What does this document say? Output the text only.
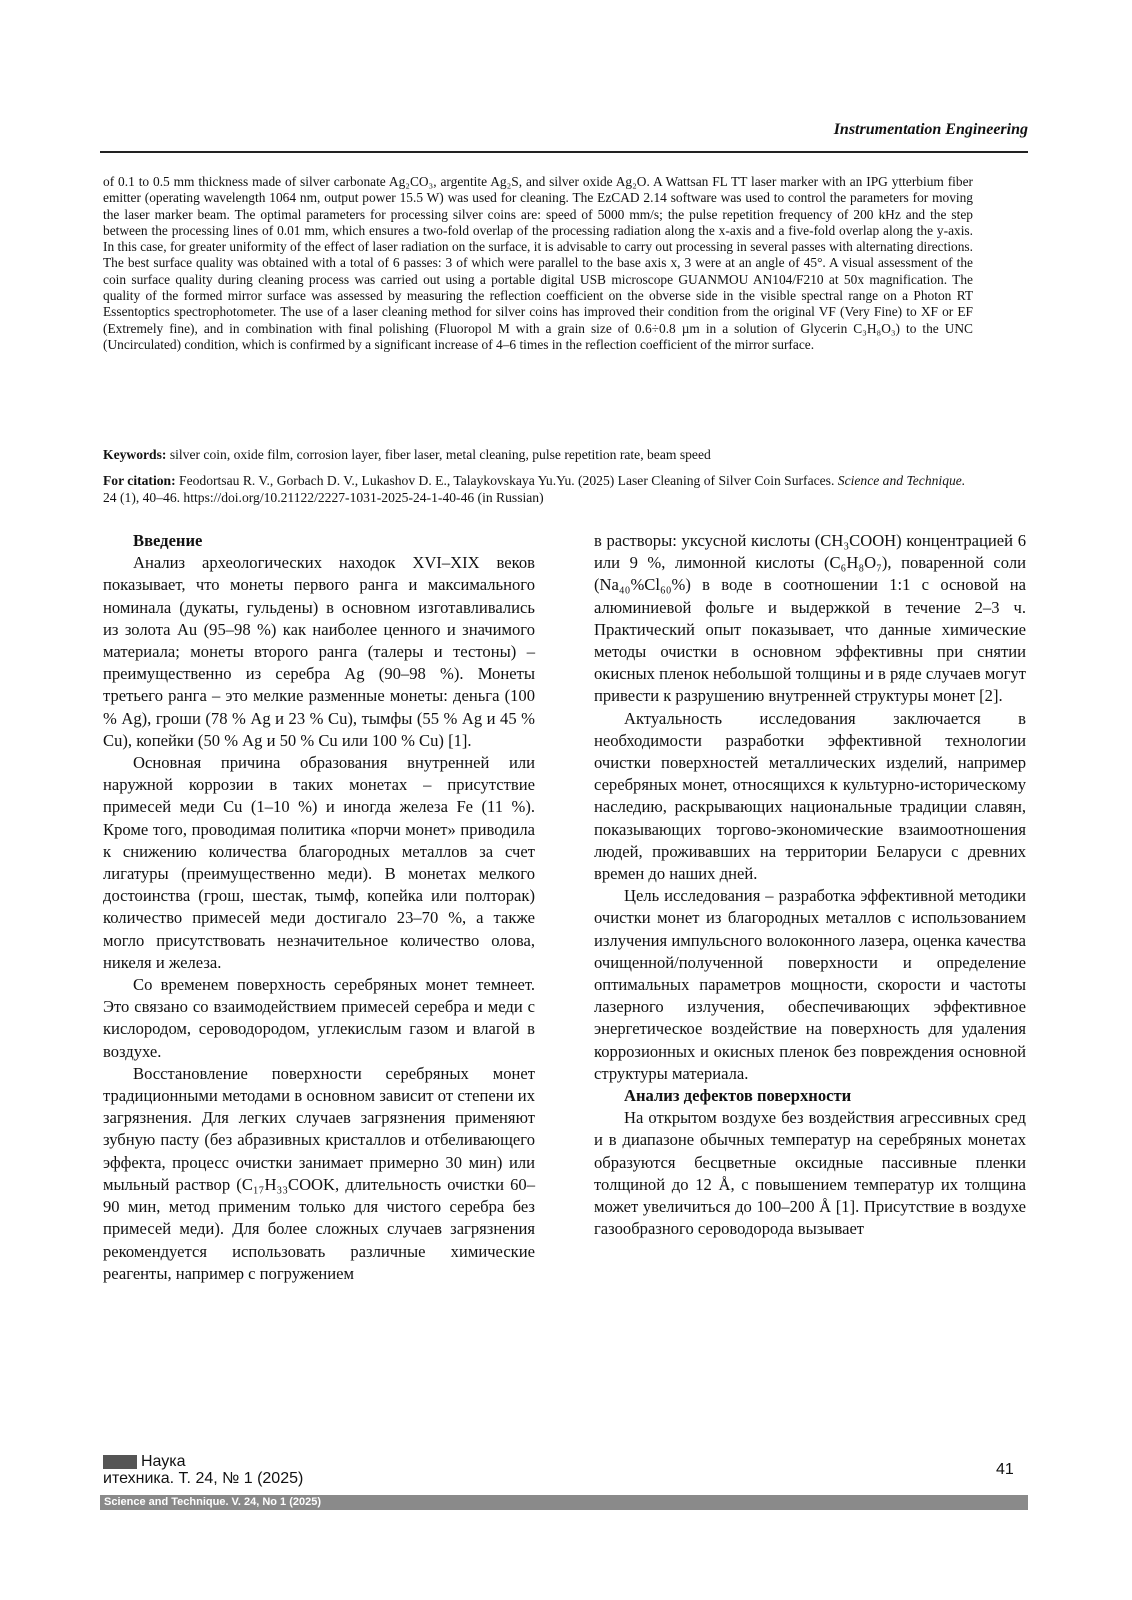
Instrumentation Engineering

of 0.1 to 0.5 mm thickness made of silver carbonate Ag₂CO₃, argentite Ag₂S, and silver oxide Ag₂O. A Wattsan FL TT laser marker with an IPG ytterbium fiber emitter (operating wavelength 1064 nm, output power 15.5 W) was used for cleaning. The EzCAD 2.14 software was used to control the parameters for moving the laser marker beam. The optimal parameters for processing silver coins are: speed of 5000 mm/s; the pulse repetition frequency of 200 kHz and the step between the processing lines of 0.01 mm, which ensures a two-fold overlap of the processing radiation along the x-axis and a five-fold overlap along the y-axis. In this case, for greater uniformity of the effect of laser radiation on the surface, it is advisable to carry out processing in several passes with alternating directions. The best surface quality was obtained with a total of 6 passes: 3 of which were parallel to the base axis x, 3 were at an angle of 45°. A visual assessment of the coin surface quality during cleaning process was carried out using a portable digital USB microscope GUANMOU AN104/F210 at 50x magnification. The quality of the formed mirror surface was assessed by measuring the reflection coefficient on the obverse side in the visible spectral range on a Photon RT Essentoptics spectrophotometer. The use of a laser cleaning method for silver coins has improved their condition from the original VF (Very Fine) to XF or EF (Extremely fine), and in combination with final polishing (Fluoropol M with a grain size of 0.6÷0.8 µm in a solution of Glycerin C₃H₈O₃) to the UNC (Uncirculated) condition, which is confirmed by a significant increase of 4–6 times in the reflection coefficient of the mirror surface.

Keywords: silver coin, oxide film, corrosion layer, fiber laser, metal cleaning, pulse repetition rate, beam speed
For citation: Feodortsau R. V., Gorbach D. V., Lukashov D. E., Talaykovskaya Yu.Yu. (2025) Laser Cleaning of Silver Coin Surfaces. Science and Technique. 24 (1), 40–46. https://doi.org/10.21122/2227-1031-2025-24-1-40-46 (in Russian)

Введение

Анализ археологических находок XVI–XIX веков показывает, что монеты первого ранга и максимального номинала (дукаты, гульдены) в основном изготавливались из золота Au (95–98 %) как наиболее ценного и значимого материала; монеты второго ранга (талеры и тестоны) – преимущественно из серебра Ag (90–98 %). Монеты третьего ранга – это мелкие разменные монеты: деньга (100 % Ag), гроши (78 % Ag и 23 % Cu), тымфы (55 % Ag и 45 % Cu), копейки (50 % Ag и 50 % Cu или 100 % Cu) [1].

Основная причина образования внутренней или наружной коррозии в таких монетах – присутствие примесей меди Cu (1–10 %) и иногда железа Fe (11 %). Кроме того, проводимая политика «порчи монет» приводила к снижению количества благородных металлов за счет лигатуры (преимущественно меди). В монетах мелкого достоинства (грош, шестак, тымф, копейка или полторак) количество примесей меди достигало 23–70 %, а также могло присутствовать незначительное количество олова, никеля и железа.

Со временем поверхность серебряных монет темнеет. Это связано со взаимодействием примесей серебра и меди с кислородом, сероводородом, углекислым газом и влагой в воздухе.

Восстановление поверхности серебряных монет традиционными методами в основном зависит от степени их загрязнения. Для легких случаев загрязнения применяют зубную пасту (без абразивных кристаллов и отбеливающего эффекта, процесс очистки занимает примерно 30 мин) или мыльный раствор (C₁₇H₃₃COOK, длительность очистки 60–90 мин, метод применим только для чистого серебра без примесей меди). Для более сложных случаев загрязнения рекомендуется использовать различные химические реагенты, например с погружением

в растворы: уксусной кислоты (CH₃COOH) концентрацией 6 или 9 %, лимонной кислоты (C₆H₈O₇), поваренной соли (Na₄₀%Cl₆₀%) в воде в соотношении 1:1 с основой на алюминиевой фольге и выдержкой в течение 2–3 ч. Практический опыт показывает, что данные химические методы очистки в основном эффективны при снятии окисных пленок небольшой толщины и в ряде случаев могут привести к разрушению внутренней структуры монет [2].

Актуальность исследования заключается в необходимости разработки эффективной технологии очистки поверхностей металлических изделий, например серебряных монет, относящихся к культурно-историческому наследию, раскрывающих национальные традиции славян, показывающих торгово-экономические взаимоотношения людей, проживавших на территории Беларуси с древних времен до наших дней.

Цель исследования – разработка эффективной методики очистки монет из благородных металлов с использованием излучения импульсного волоконного лазера, оценка качества очищенной/полученной поверхности и определение оптимальных параметров мощности, скорости и частоты лазерного излучения, обеспечивающих эффективное энергетическое воздействие на поверхность для удаления коррозионных и окисных пленок без повреждения основной структуры материала.

Анализ дефектов поверхности

На открытом воздухе без воздействия агрессивных сред и в диапазоне обычных температур на серебряных монетах образуются бесцветные оксидные пассивные пленки толщиной до 12 Å, с повышением температур их толщина может увеличиться до 100–200 Å [1]. Присутствие в воздухе газообразного сероводорода вызывает

Наука
итехника. Т. 24, № 1 (2025)
41
Science and Technique. V. 24, No 1 (2025)
